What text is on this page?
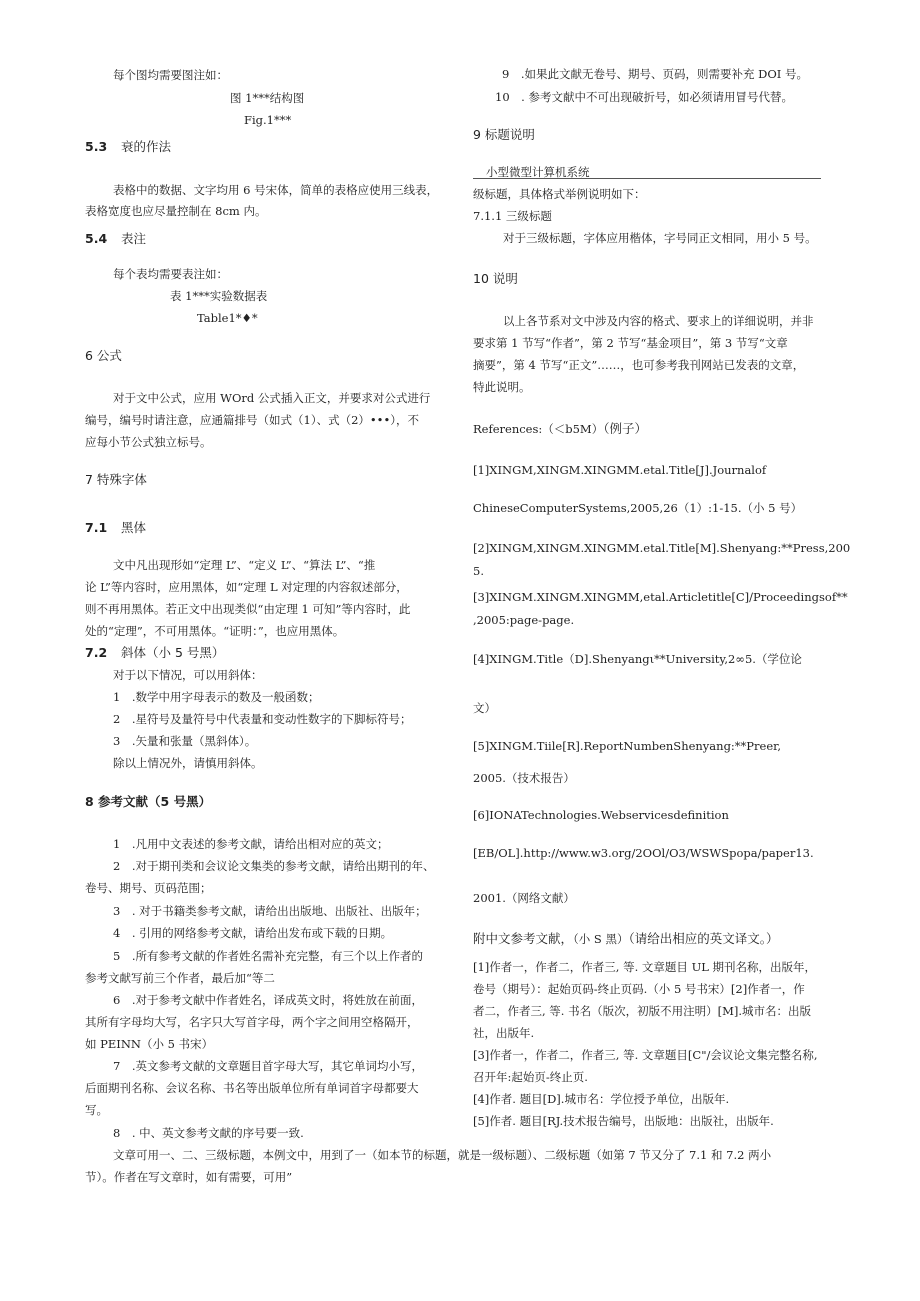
每个图均需要图注如：
图 1***结构图
Fig.1***
5.3 衰的作法
表格中的数据、文字均用 6 号宋体，简单的表格应使用三线表，
表格宽度也应尽量控制在 8cm 内。
5.4 表注
每个表均需要表注如：
表 1***实验数据表
Table1*♦*
6 公式
对于文中公式，应用 WOrd 公式插入正文，并要求对公式进行
编号，编号时请注意，应通篇排号（如式（1）、式（2）•••），不
应每小节公式独立标号。
7 特殊字体
7.1 黑体
文中凡出现形如“定理 L”、“定义 L”、“算法 L”、“推
论 L”等内容时，应用黑体，如“定理 L 对定理的内容叙述部分，
则不再用黑体。若正文中出现类似“由定理 1 可知”等内容时，此
处的“定理”，不可用黑体。“证明：”，也应用黑体。
7.2 斜体（小 5 号黑）
对于以下情况，可以用斜体：
1　.数学中用字母表示的数及一般函数；
2　.星符号及量符号中代表量和变动性数字的下脚标符号；
3　.矢量和张量（黑斜体）。
除以上情况外，请慎用斜体。
8 参考文献（5 号黑）
1　.凡用中文表述的参考文献，请给出相对应的英文；
2　.对于期刊类和会议论文集类的参考文献，请给出期刊的年、
卷号、期号、页码范围；
3　. 对于书籍类参考文献，请给出出版地、出版社、出版年；
4　. 引用的网络参考文献，请给出发布或下载的日期。
5　.所有参考文献的作者姓名需补充完整，有三个以上作者的
参考文献写前三个作者，最后加“等二
6　.对于参考文献中作者姓名，译成英文时，将姓放在前面，
其所有字母均大写，名字只大写首字母，两个字之间用空格隔开，
如 PEINN（小 5 书宋）
7　.英文参考文献的文章题目首字母大写，其它单词均小写，
后面期刊名称、会议名称、书名等出版单位所有单词首字母都要大
写。
8　. 中、英文参考文献的序号要一致.
文章可用一、二、三级标题，本例文中，用到了一（如本节的标题，就是一级标题）、二级标题（如第 7 节又分了 7.1 和 7.2 两小
节）。作者在写文章时，如有需要，可用”
9　.如果此文献无卷号、期号、页码，则需要补充 DOI 号。
10　. 参考文献中不可出现破折号，如必须请用冒号代替。
9 标题说明
小型微型计算机系统
级标题，具体格式举例说明如下：
7.1.1 三级标题
对于三级标题，字体应用楷体，字号同正文相同，用小 5 号。
10 说明
以上各节系对文中涉及内容的格式、要求上的详细说明，并非
要求第 1 节写“作者”，第 2 节写“基金项目”，第 3 节写“文章
摘要”，第 4 节写“正文”……，也可参考我刊网站已发表的文章，
特此说明。
References:（＜b5M）（例子）
[1]XINGM,XINGM.XINGMM.etal.Title[J].Journalof
ChineseComputerSystems,2005,26（1）:1-15.（小 5 号）
[2]XINGM,XINGM.XINGMM.etal.Title[M].Shenyang:**Press,200
5.
[3]XINGM.XINGM.XINGMM,etal.Articletitle[C]∕Proceedingsof**
,2005:page-page.
[4]XINGM.Title（D].Shenyangι**University,2∞5.（学位论
文）
[5]XINGM.Tiile[R].ReportNumbenShenyang:**Preer,
2005.（技术报告）
[6]IONATechnologies.Webservicesdefinition
[EB/OL].http://www.w3.org/2OOl/O3/WSWSpopa/paper13.
2001.（网络文献）
附中文参考文献，（小 S 黑）（请给出相应的英文译文。）
[1]作者一，作者二，作者三, 等. 文章题目 UL 期刊名称，出版年，
卷号（期号）：起始页码-终止页码.（小 5 号书宋）[2]作者一，作
者二，作者三, 等. 书名（版次，初版不用注明）[M].城市名：出版
社，出版年.
[3]作者一，作者二，作者三, 等. 文章题目[C"/会议论文集完整名称,
召开年:起始页-终止页.
[4]作者. 题目[D].城市名：学位授予单位，出版年.
[5]作者. 题目[RJ.技术报告编号，出版地：出版社，出版年.
